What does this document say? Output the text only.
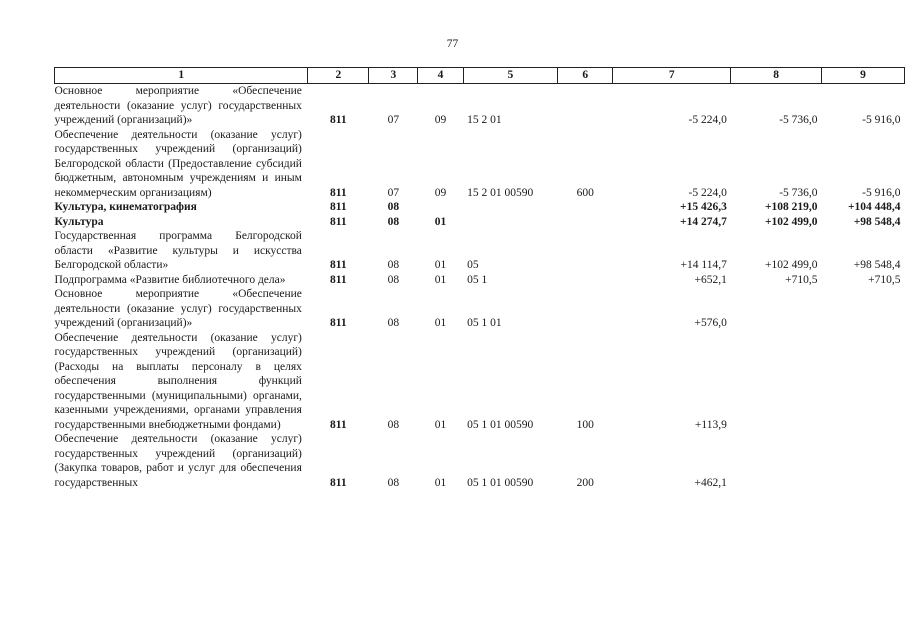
77
1	2	3	4	5	6	7	8	9
Основное мероприятие «Обеспечение деятельности (оказание услуг) государственных учреждений (организаций)»	811	07	09	15 2 01		-5 224,0	-5 736,0	-5 916,0
Обеспечение деятельности (оказание услуг) государственных учреждений (организаций) Белгородской области (Предоставление субсидий бюджетным, автономным учреждениям и иным некоммерческим организациям)	811	07	09	15 2 01 00590	600	-5 224,0	-5 736,0	-5 916,0
Культура, кинематография	811	08				+15 426,3	+108 219,0	+104 448,4
Культура	811	08	01			+14 274,7	+102 499,0	+98 548,4
Государственная программа Белгородской области «Развитие культуры и искусства Белгородской области»	811	08	01	05		+14 114,7	+102 499,0	+98 548,4
Подпрограмма «Развитие библиотечного дела»	811	08	01	05 1		+652,1	+710,5	+710,5
Основное мероприятие «Обеспечение деятельности (оказание услуг) государственных учреждений (организаций)»	811	08	01	05 1 01		+576,0		
Обеспечение деятельности (оказание услуг) государственных учреждений (организаций) (Расходы на выплаты персоналу в целях обеспечения выполнения функций государственными (муниципальными) органами, казенными учреждениями, органами управления государственными внебюджетными фондами)	811	08	01	05 1 01 00590	100	+113,9		
Обеспечение деятельности (оказание услуг) государственных учреждений (организаций) (Закупка товаров, работ и услуг для обеспечения государственных	811	08	01	05 1 01 00590	200	+462,1		
